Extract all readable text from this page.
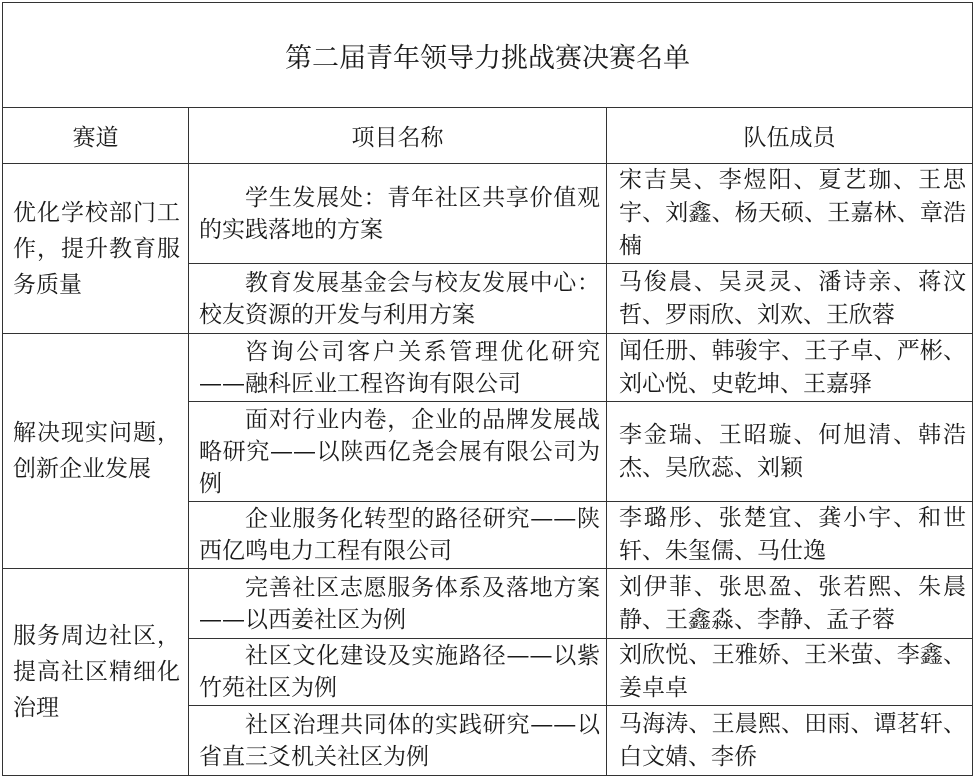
第二届青年领导力挑战赛决赛名单		
赛道	项目名称	队伍成员
优化学校部门工作，提升教育服务质量	学生发展处：青年社区共享价值观的实践落地的方案	宋吉昊、李煜阳、夏艺珈、王思宇、刘鑫、杨天硕、王嘉林、章浩楠
	教育发展基金会与校友发展中心：校友资源的开发与利用方案	马俊晨、吴灵灵、潘诗亲、蒋汶哲、罗雨欣、刘欢、王欣蓉
解决现实问题，创新企业发展	咨询公司客户关系管理优化研究——融科匠业工程咨询有限公司	闻任册、韩骏宇、王子卓、严彬、刘心悦、史乾坤、王嘉驿
	面对行业内卷，企业的品牌发展战略研究——以陕西亿尧会展有限公司为例	李金瑞、王昭璇、何旭清、韩浩杰、吴欣蕊、刘颖
	企业服务化转型的路径研究——陕西亿鸣电力工程有限公司	李璐彤、张楚宜、龚小宇、和世轩、朱玺儒、马仕逸
服务周边社区，提高社区精细化治理	完善社区志愿服务体系及落地方案——以西姜社区为例	刘伊菲、张思盈、张若熙、朱晨静、王鑫淼、李静、孟子蓉
	社区文化建设及实施路径——以紫竹苑社区为例	刘欣悦、王雅娇、王米萤、李鑫、姜卓卓
	社区治理共同体的实践研究——以省直三爻机关社区为例	马海涛、王晨熙、田雨、谭茗轩、白文婧、李侨
